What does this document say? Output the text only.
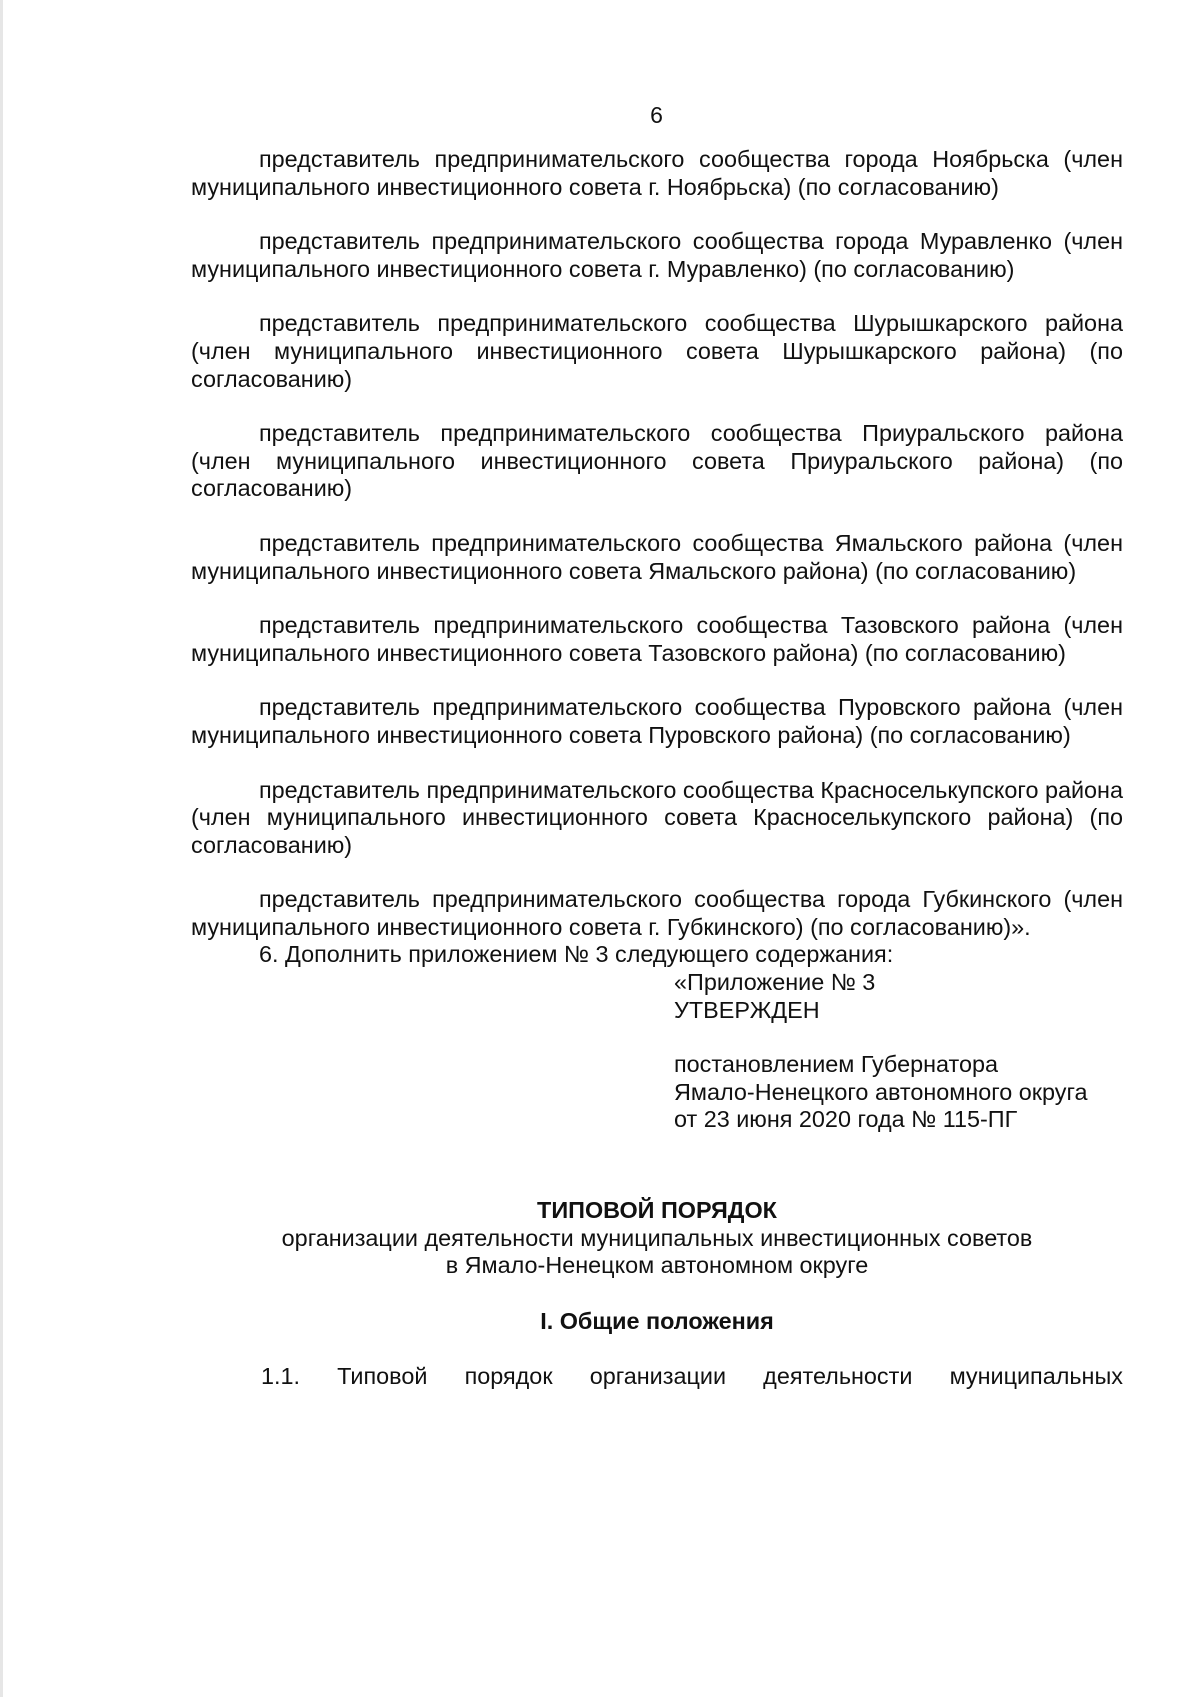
6

представитель предпринимательского сообщества города Ноябрьска (член муниципального инвестиционного совета г. Ноябрьска) (по согласованию)

представитель предпринимательского сообщества города Муравленко (член муниципального инвестиционного совета г. Муравленко) (по согласованию)

представитель предпринимательского сообщества Шурышкарского района (член муниципального инвестиционного совета Шурышкарского района) (по согласованию)

представитель предпринимательского сообщества Приуральского района (член муниципального инвестиционного совета Приуральского района) (по согласованию)

представитель предпринимательского сообщества Ямальского района (член муниципального инвестиционного совета Ямальского района) (по согласованию)

представитель предпринимательского сообщества Тазовского района (член муниципального инвестиционного совета Тазовского района) (по согласованию)

представитель предпринимательского сообщества Пуровского района (член муниципального инвестиционного совета Пуровского района) (по согласованию)

представитель предпринимательского сообщества Красноселькупского района (член муниципального инвестиционного совета Красноселькупского района) (по согласованию)

представитель предпринимательского сообщества города Губкинского (член муниципального инвестиционного совета г. Губкинского) (по согласованию)».

6. Дополнить приложением № 3 следующего содержания:

«Приложение № 3
УТВЕРЖДЕН
постановлением Губернатора
Ямало-Ненецкого автономного округа
от 23 июня 2020 года № 115-ПГ
ТИПОВОЙ ПОРЯДОК
организации деятельности муниципальных инвестиционных советов
в Ямало-Ненецком автономном округе
I. Общие положения

1.1. Типовой порядок организации деятельности муниципальных
